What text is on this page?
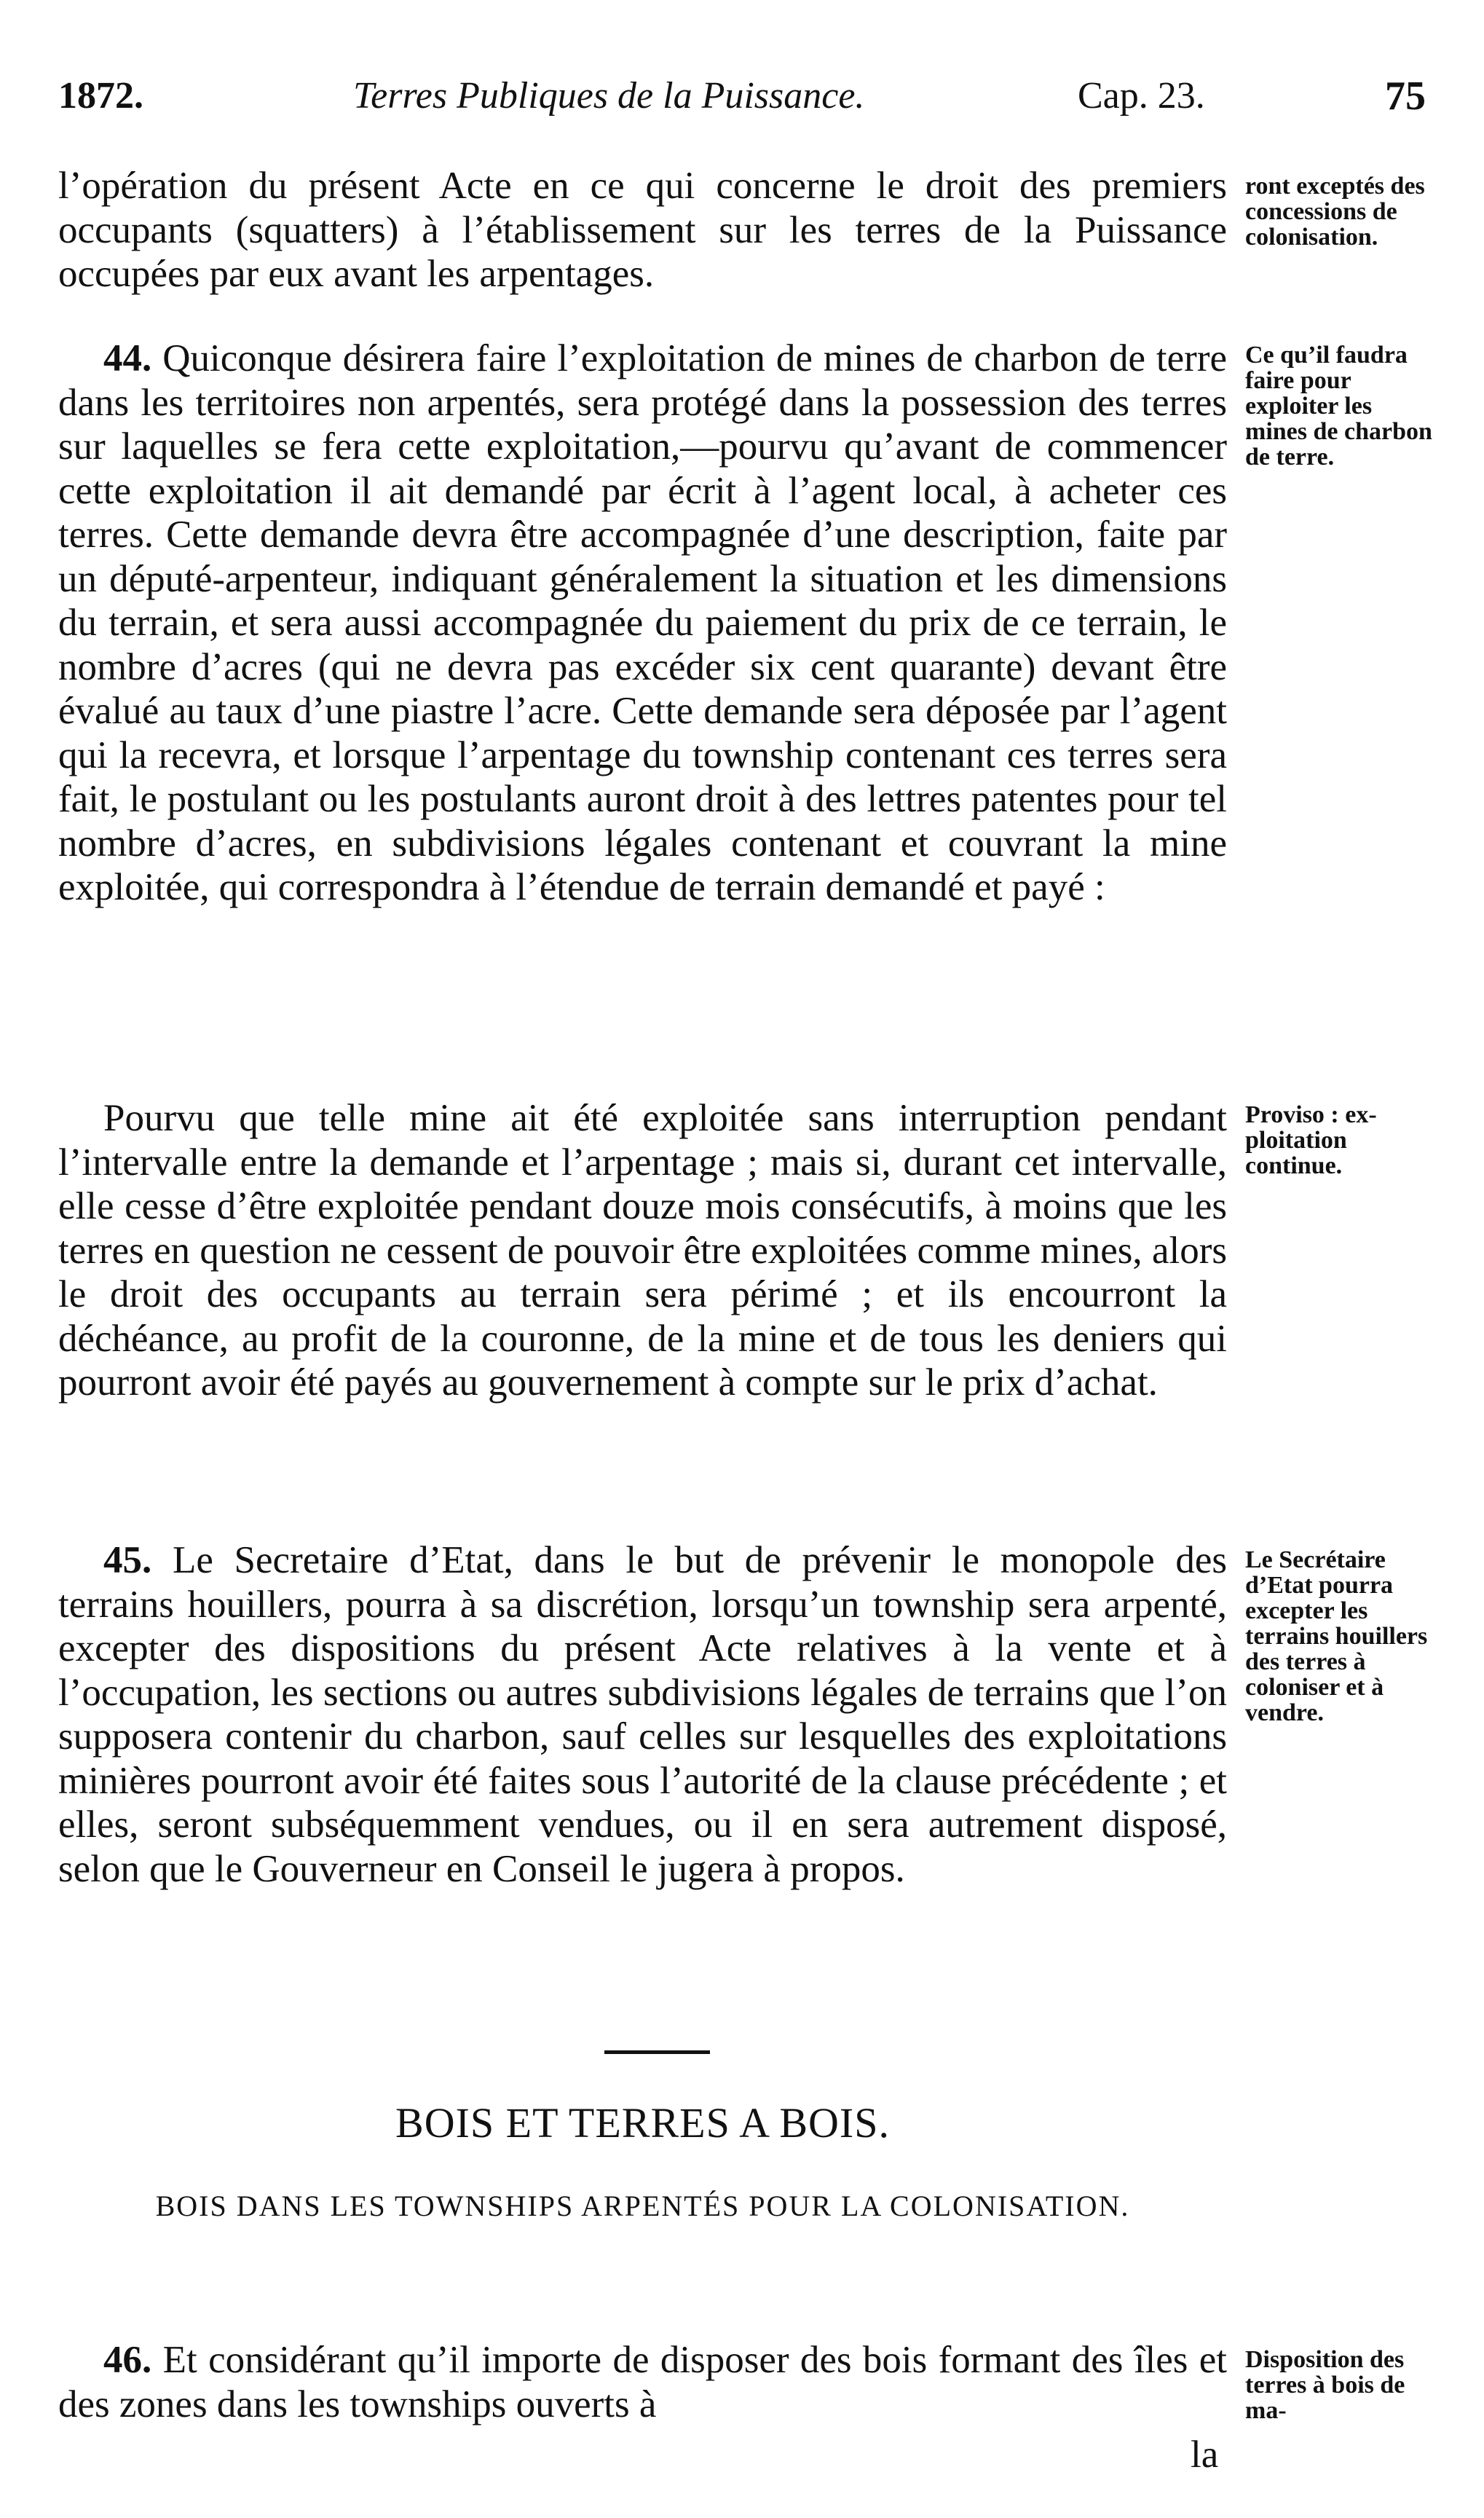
1872.	Terres Publiques de la Puissance.	Cap. 23.	75

l’opération du présent Acte en ce qui concerne le droit des premiers occupants (squatters) à l’établissement sur les terres de la Puissance occupées par eux avant les arpentages.

ront exceptés des concessions de colonisation.

44. Quiconque désirera faire l’exploitation de mines de charbon de terre dans les territoires non arpentés, sera protégé dans la possession des terres sur laquelles se fera cette exploitation,—pourvu qu’avant de commencer cette exploitation il ait demandé par écrit à l’agent local, à acheter ces terres. Cette demande devra être accompagnée d’une description, faite par un député-arpenteur, indiquant généralement la situation et les dimensions du terrain, et sera aussi accompagnée du paiement du prix de ce terrain, le nombre d’acres (qui ne devra pas excéder six cent quarante) devant être évalué au taux d’une piastre l’acre. Cette demande sera déposée par l’agent qui la recevra, et lorsque l’arpentage du township contenant ces terres sera fait, le postulant ou les postulants auront droit à des lettres patentes pour tel nombre d’acres, en subdivisions légales contenant et couvrant la mine exploitée, qui correspondra à l’étendue de terrain demandé et payé :

Ce qu’il faudra faire pour exploiter les mines de charbon de terre.

Pourvu que telle mine ait été exploitée sans interruption pendant l’intervalle entre la demande et l’arpentage ; mais si, durant cet intervalle, elle cesse d’être exploitée pendant douze mois consécutifs, à moins que les terres en question ne cessent de pouvoir être exploitées comme mines, alors le droit des occupants au terrain sera périmé ; et ils encourront la déchéance, au profit de la couronne, de la mine et de tous les deniers qui pourront avoir été payés au gouvernement à compte sur le prix d’achat.

Proviso : exploitation continue.

45. Le Secretaire d’Etat, dans le but de prévenir le monopole des terrains houillers, pourra à sa discrétion, lorsqu’un township sera arpenté, excepter des dispositions du présent Acte relatives à la vente et à l’occupation, les sections ou autres subdivisions légales de terrains que l’on supposera contenir du charbon, sauf celles sur lesquelles des exploitations minières pourront avoir été faites sous l’autorité de la clause précédente ; et elles, seront subséquemment vendues, ou il en sera autrement disposé, selon que le Gouverneur en Conseil le jugera à propos.

Le Secrétaire d’Etat pourra excepter les terrains houillers des terres à coloniser et à vendre.
BOIS ET TERRES A BOIS.
BOIS DANS LES TOWNSHIPS ARPENTÉS POUR LA COLONISATION.

46. Et considérant qu’il importe de disposer des bois formant des îles et des zones dans les townships ouverts à

Disposition des terres à bois de ma-
la
